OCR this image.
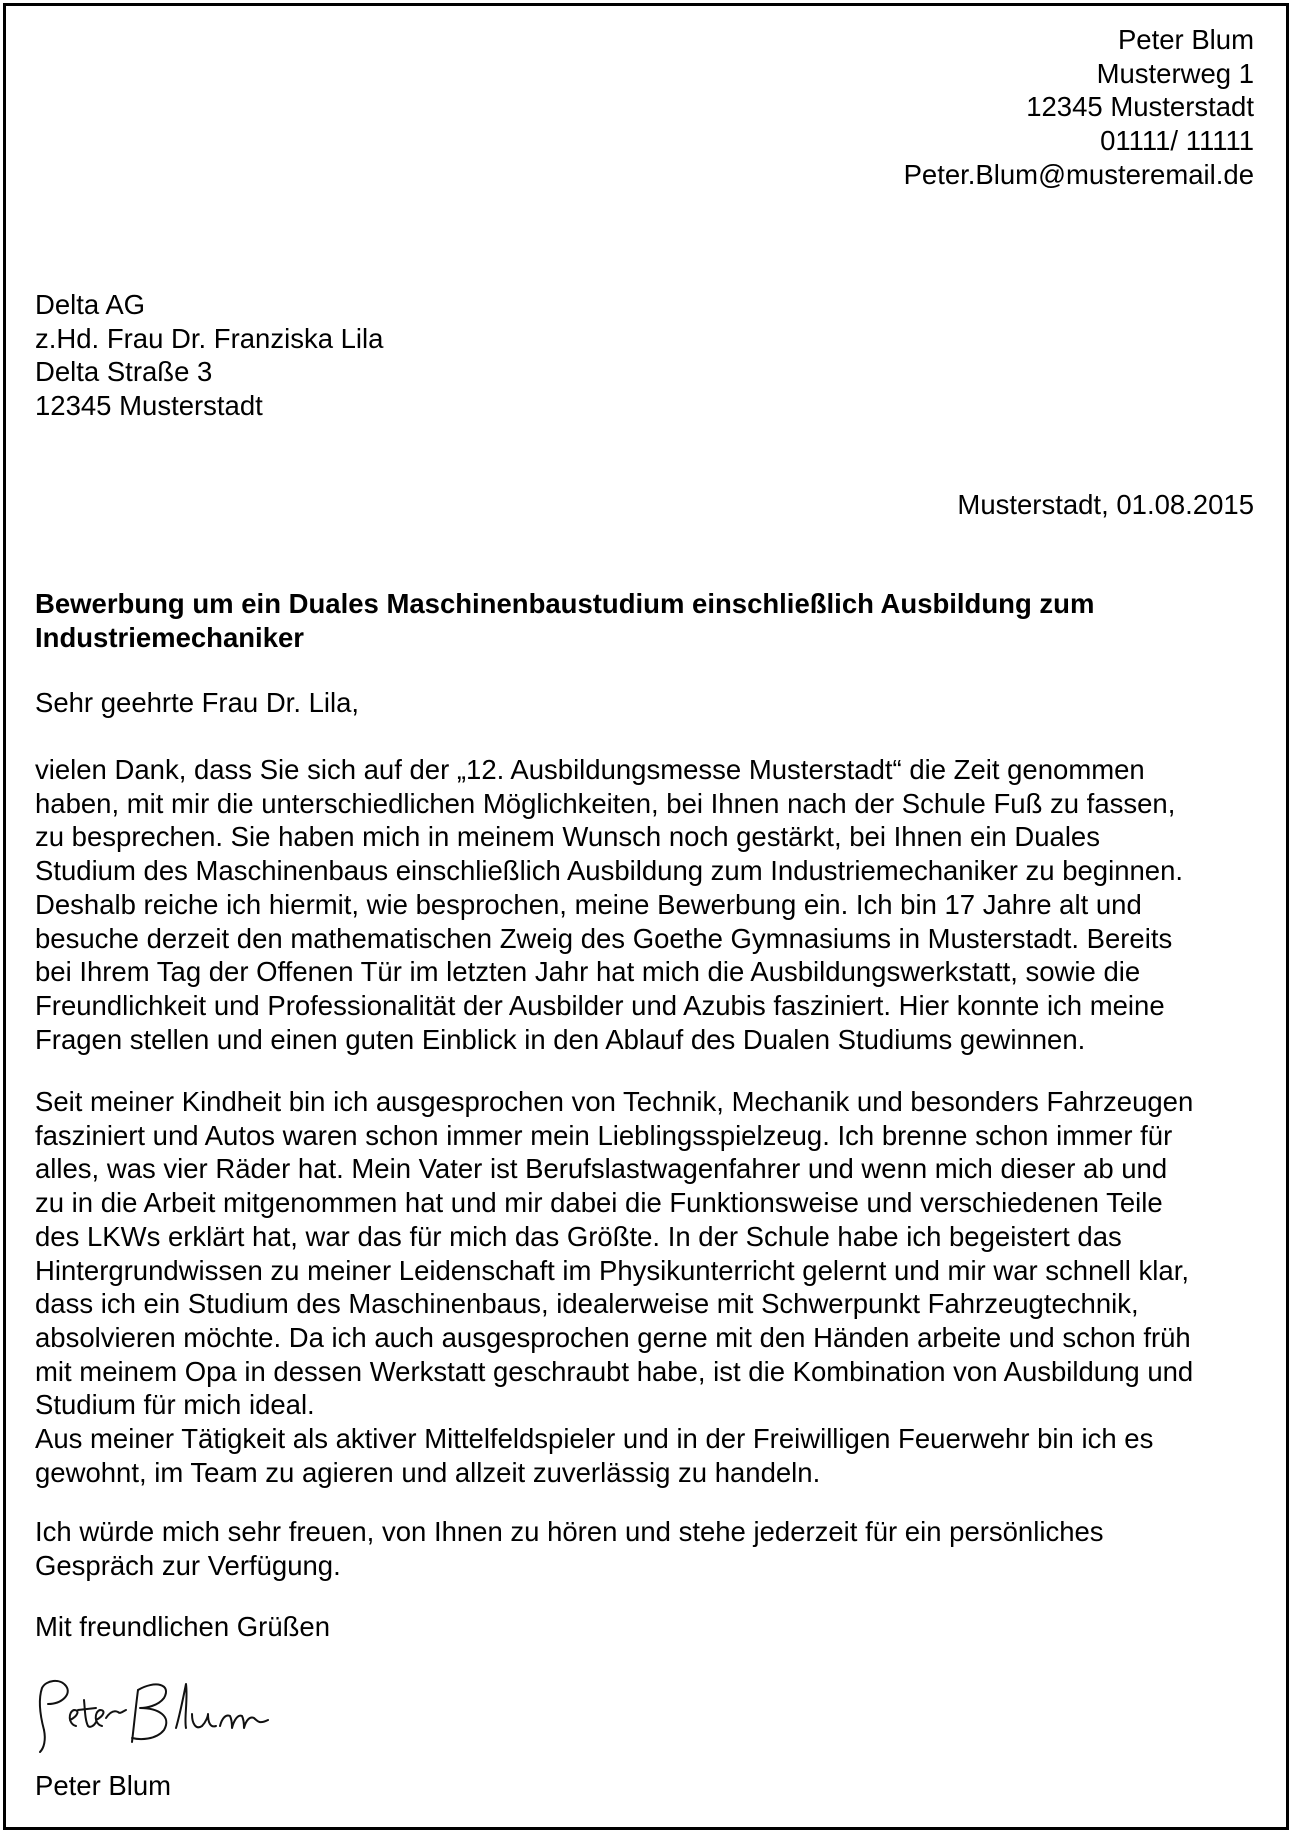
Peter Blum
Musterweg 1
12345 Musterstadt
01111/ 11111
Peter.Blum@musteremail.de
Delta AG
z.Hd. Frau Dr. Franziska Lila
Delta Straße 3
12345 Musterstadt
Musterstadt, 01.08.2015
Bewerbung um ein Duales Maschinenbaustudium einschließlich Ausbildung zum
Industriemechaniker
Sehr geehrte Frau Dr. Lila,
vielen Dank, dass Sie sich auf der „12. Ausbildungsmesse Musterstadt“ die Zeit genommen
haben, mit mir die unterschiedlichen Möglichkeiten, bei Ihnen nach der Schule Fuß zu fassen,
zu besprechen. Sie haben mich in meinem Wunsch noch gestärkt, bei Ihnen ein Duales
Studium des Maschinenbaus einschließlich Ausbildung zum Industriemechaniker zu beginnen.
Deshalb reiche ich hiermit, wie besprochen, meine Bewerbung ein. Ich bin 17 Jahre alt und
besuche derzeit den mathematischen Zweig des Goethe Gymnasiums in Musterstadt. Bereits
bei Ihrem Tag der Offenen Tür im letzten Jahr hat mich die Ausbildungswerkstatt, sowie die
Freundlichkeit und Professionalität der Ausbilder und Azubis fasziniert. Hier konnte ich meine
Fragen stellen und einen guten Einblick in den Ablauf des Dualen Studiums gewinnen.
Seit meiner Kindheit bin ich ausgesprochen von Technik, Mechanik und besonders Fahrzeugen
fasziniert und Autos waren schon immer mein Lieblingsspielzeug. Ich brenne schon immer für
alles, was vier Räder hat. Mein Vater ist Berufslastwagenfahrer und wenn mich dieser ab und
zu in die Arbeit mitgenommen hat und mir dabei die Funktionsweise und verschiedenen Teile
des LKWs erklärt hat, war das für mich das Größte. In der Schule habe ich begeistert das
Hintergrundwissen zu meiner Leidenschaft im Physikunterricht gelernt und mir war schnell klar,
dass ich ein Studium des Maschinenbaus, idealerweise mit Schwerpunkt Fahrzeugtechnik,
absolvieren möchte. Da ich auch ausgesprochen gerne mit den Händen arbeite und schon früh
mit meinem Opa in dessen Werkstatt geschraubt habe, ist die Kombination von Ausbildung und
Studium für mich ideal.
Aus meiner Tätigkeit als aktiver Mittelfeldspieler und in der Freiwilligen Feuerwehr bin ich es
gewohnt, im Team zu agieren und allzeit zuverlässig zu handeln.
Ich würde mich sehr freuen, von Ihnen zu hören und stehe jederzeit für ein persönliches
Gespräch zur Verfügung.
Mit freundlichen Grüßen
Peter Blum
